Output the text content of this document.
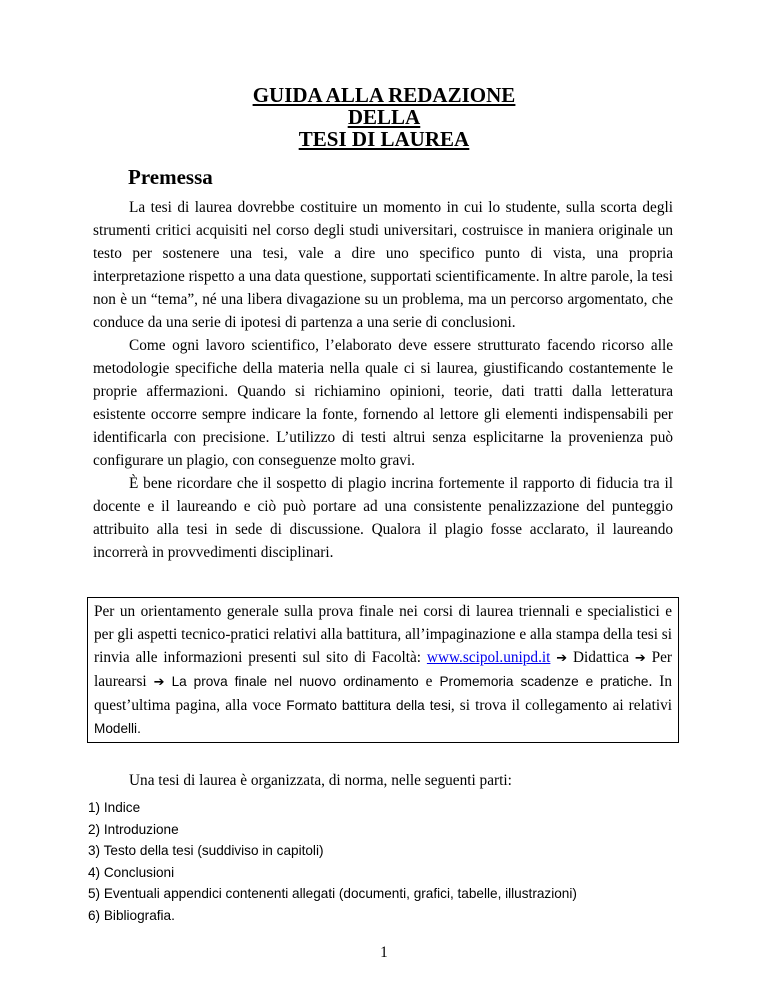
GUIDA ALLA REDAZIONE
DELLA
TESI DI LAUREA
Premessa

La tesi di laurea dovrebbe costituire un momento in cui lo studente, sulla scorta degli strumenti critici acquisiti nel corso degli studi universitari, costruisce in maniera originale un testo per sostenere una tesi, vale a dire uno specifico punto di vista, una propria interpretazione rispetto a una data questione, supportati scientificamente. In altre parole, la tesi non è un “tema”, né una libera divagazione su un problema, ma un percorso argomentato, che conduce da una serie di ipotesi di partenza a una serie di conclusioni.

Come ogni lavoro scientifico, l’elaborato deve essere strutturato facendo ricorso alle metodologie specifiche della materia nella quale ci si laurea, giustificando costantemente le proprie affermazioni. Quando si richiamino opinioni, teorie, dati tratti dalla letteratura esistente occorre sempre indicare la fonte, fornendo al lettore gli elementi indispensabili per identificarla con precisione. L’utilizzo di testi altrui senza esplicitarne la provenienza può configurare un plagio, con conseguenze molto gravi.

È bene ricordare che il sospetto di plagio incrina fortemente il rapporto di fiducia tra il docente e il laureando e ciò può portare ad una consistente penalizzazione del punteggio attribuito alla tesi in sede di discussione. Qualora il plagio fosse acclarato, il laureando incorrerà in provvedimenti disciplinari.

Per un orientamento generale sulla prova finale nei corsi di laurea triennali e specialistici e per gli aspetti tecnico-pratici relativi alla battitura, all’impaginazione e alla stampa della tesi si rinvia alle informazioni presenti sul sito di Facoltà: www.scipol.unipd.it ➔ Didattica ➔ Per laurearsi ➔ La prova finale nel nuovo ordinamento e Promemoria scadenze e pratiche. In quest’ultima pagina, alla voce Formato battitura della tesi, si trova il collegamento ai relativi Modelli.
Una tesi di laurea è organizzata, di norma, nelle seguenti parti:
1) Indice
2) Introduzione
3) Testo della tesi (suddiviso in capitoli)
4) Conclusioni
5) Eventuali appendici contenenti allegati (documenti, grafici, tabelle, illustrazioni)
6) Bibliografia.
1
